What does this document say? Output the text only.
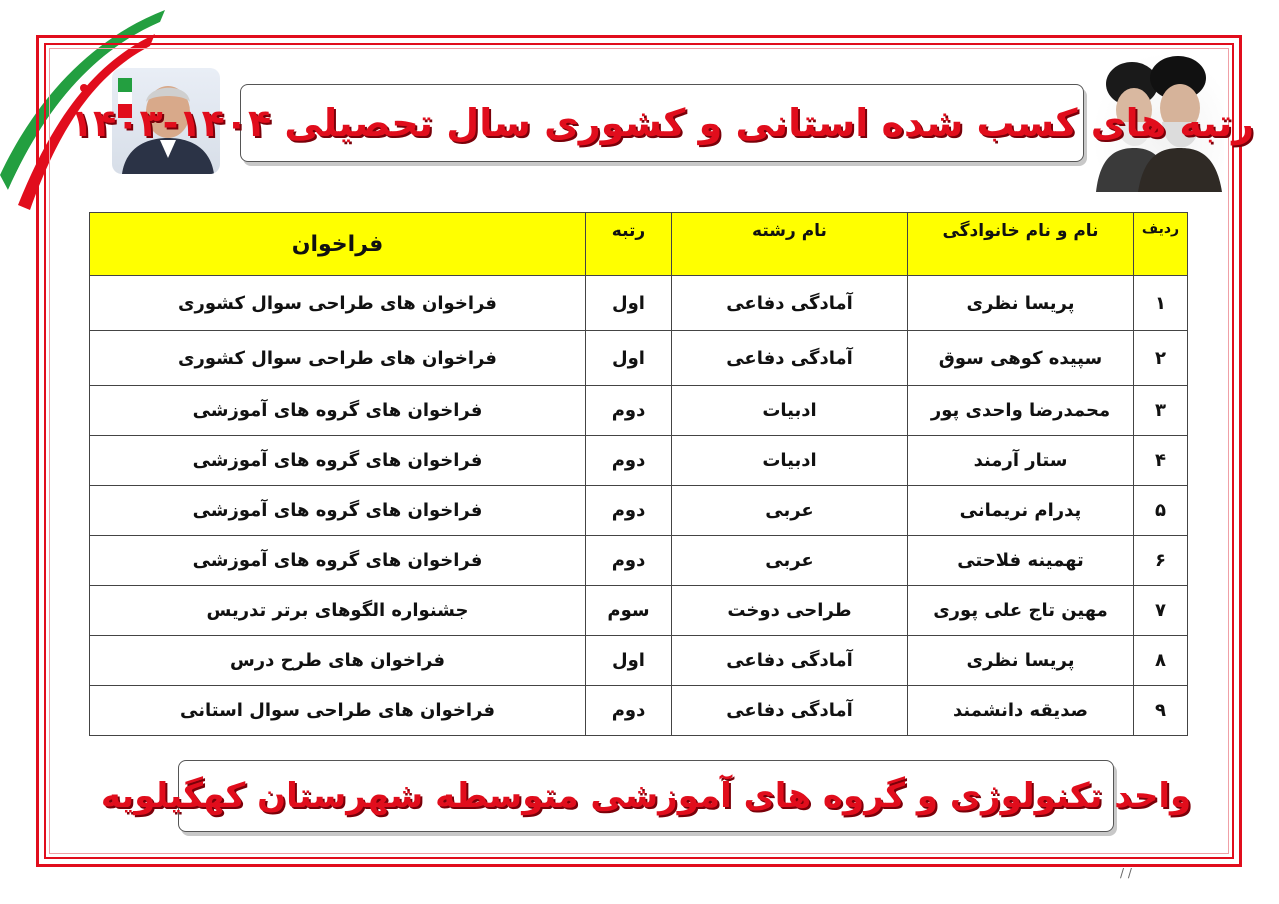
رتبه های کسب شده استانی و کشوری سال تحصیلی ۱۴۰۴-۱۴۰۳
ردیف	نام و نام خانوادگی	نام رشته	رتبه	فراخوان
۱	پریسا نظری	آمادگی دفاعی	اول	فراخوان های طراحی سوال کشوری
۲	سپیده کوهی سوق	آمادگی دفاعی	اول	فراخوان های طراحی سوال کشوری
۳	محمدرضا واحدی پور	ادبیات	دوم	فراخوان های گروه های آموزشی
۴	ستار آرمند	ادبیات	دوم	فراخوان های گروه های آموزشی
۵	پدرام نریمانی	عربی	دوم	فراخوان های گروه های آموزشی
۶	تهمینه فلاحتی	عربی	دوم	فراخوان های گروه های آموزشی
۷	مهین تاج علی پوری	طراحی دوخت	سوم	جشنواره الگوهای برتر تدریس
۸	پریسا نظری	آمادگی دفاعی	اول	فراخوان های طرح درس
۹	صدیقه دانشمند	آمادگی دفاعی	دوم	فراخوان های طراحی سوال استانی
واحد تکنولوژی و گروه های آموزشی متوسطه شهرستان کهگیلویه
/ /
